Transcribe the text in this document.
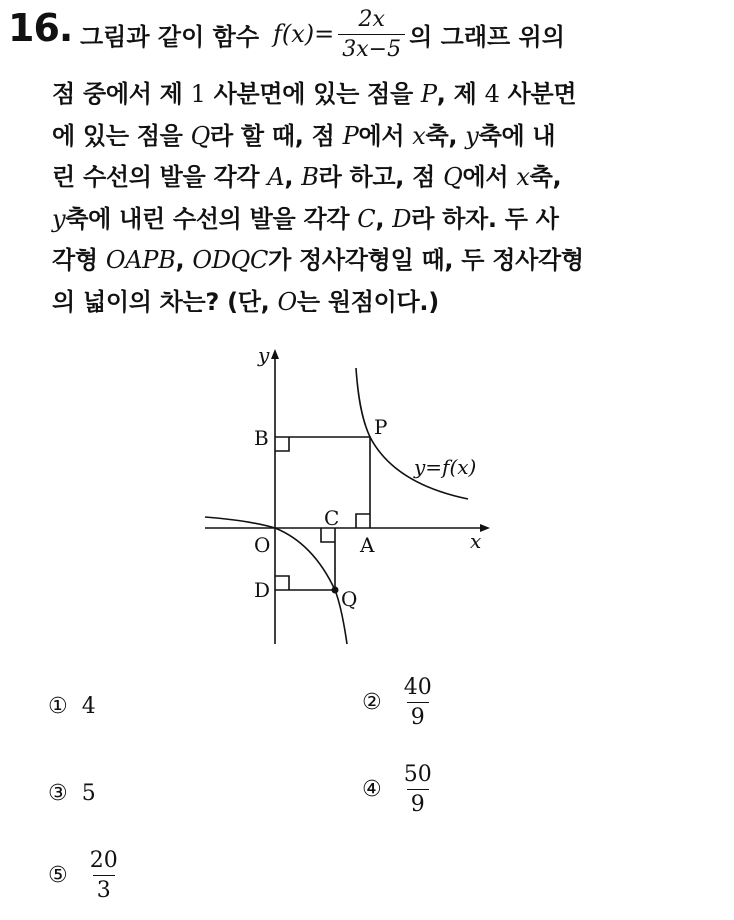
16. 그림과 같이 함수 $f(x)= \frac{2x}{3x-5}$ 의 그래프 위의

점 중에서 제 1 사분면에 있는 점을 P, 제 4 사분면

에 있는 점을 Q라 할 때, 점 P에서 x축, y축에 내

린 수선의 발을 각각 A, B라 하고, 점 Q에서 x축,

y축에 내린 수선의 발을 각각 C, D라 하자. 두 사

각형 OAPB, ODQC가 정사각형일 때, 두 정사각형

의 넓이의 차는? (단, O는 원점이다.)

y
x
O	A
B	P
C
D	Q
y=f(x)
① 4	② $\frac{40}{9}$
③ 5	④ $\frac{50}{9}$
⑤ $\frac{20}{3}$
